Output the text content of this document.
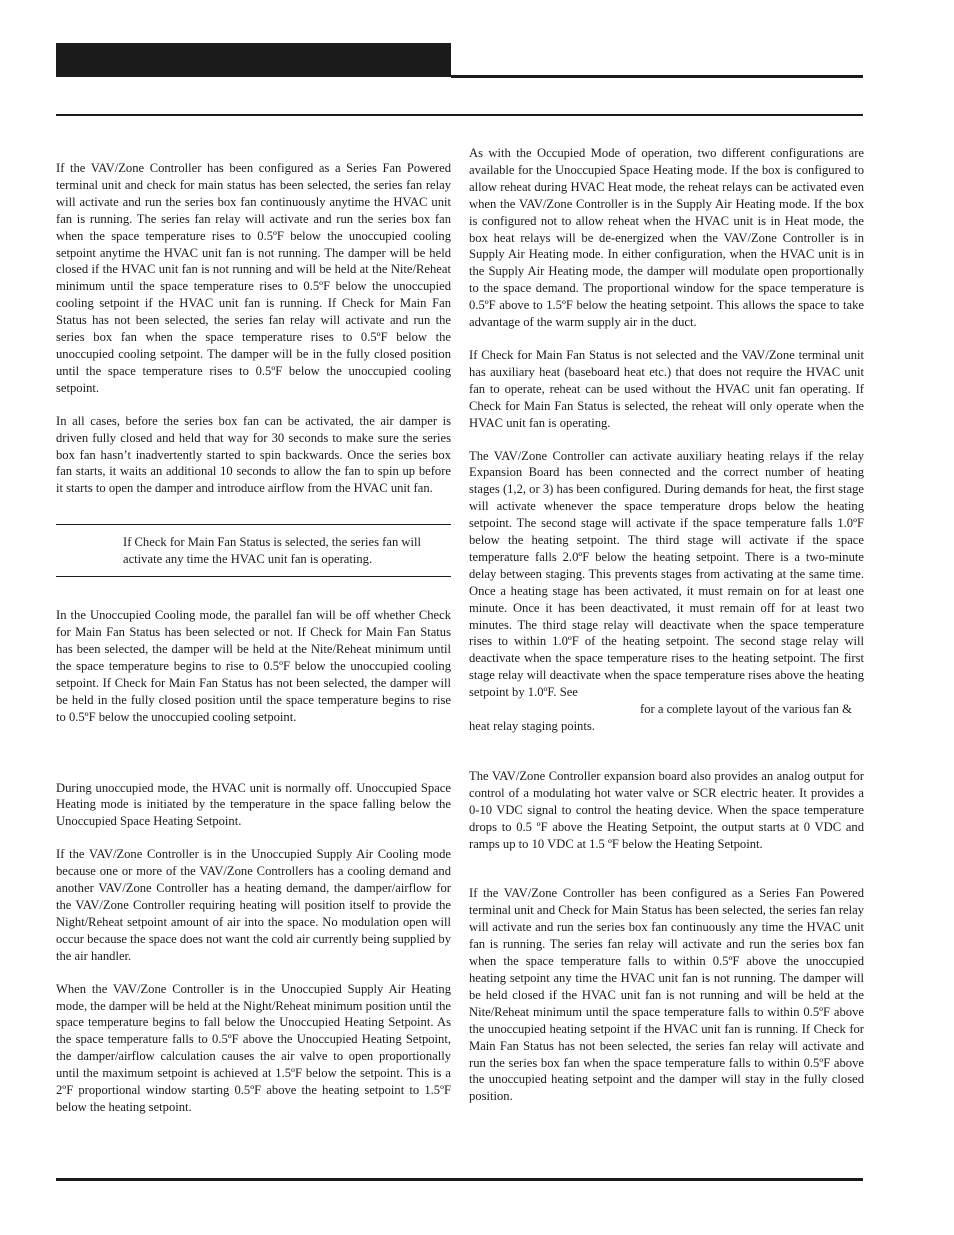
If the VAV/Zone Controller has been configured as a Series Fan Powered terminal unit and check for main status has been selected, the series fan relay will activate and run the series box fan continuously anytime the HVAC unit fan is running. The series fan relay will activate and run the series box fan when the space temperature rises to 0.5ºF below the unoccupied cooling setpoint anytime the HVAC unit fan is not running. The damper will be held closed if the HVAC unit fan is not running and will be held at the Nite/Reheat minimum until the space temperature rises to 0.5ºF below the unoccupied cooling setpoint if the HVAC unit fan is running. If Check for Main Fan Status has not been selected, the series fan relay will activate and run the series box fan when the space temperature rises to 0.5ºF below the unoccupied cooling setpoint. The damper will be in the fully closed position until the space temperature rises to 0.5ºF below the unoccupied cooling setpoint.

In all cases, before the series box fan can be activated, the air damper is driven fully closed and held that way for 30 seconds to make sure the series box fan hasn’t inadvertently started to spin backwards. Once the series box fan starts, it waits an additional 10 seconds to allow the fan to spin up before it starts to open the damper and introduce airflow from the HVAC unit fan.

In the Unoccupied Cooling mode, the parallel fan will be off whether Check for Main Fan Status has been selected or not. If Check for Main Fan Status has been selected, the damper will be held at the Nite/Reheat minimum until the space temperature begins to rise to 0.5ºF below the unoccupied cooling setpoint. If Check for Main Fan Status has not been selected, the damper will be held in the fully closed position until the space temperature begins to rise to 0.5ºF below the unoccupied cooling setpoint.

During unoccupied mode, the HVAC unit is normally off. Unoccupied Space Heating mode is initiated by the temperature in the space falling below the Unoccupied Space Heating Setpoint.

If the VAV/Zone Controller is in the Unoccupied Supply Air Cooling mode because one or more of the VAV/Zone Controllers has a cooling demand and another VAV/Zone Controller has a heating demand, the damper/airflow for the VAV/Zone Controller requiring heating will position itself to provide the Night/Reheat setpoint amount of air into the space. No modulation open will occur because the space does not want the cold air currently being supplied by the air handler.

When the VAV/Zone Controller is in the Unoccupied Supply Air Heating mode, the damper will be held at the Night/Reheat minimum position until the space temperature begins to fall below the Unoccupied Heating Setpoint. As the space temperature falls to 0.5ºF above the Unoccupied Heating Setpoint, the damper/airflow calculation causes the air valve to open proportionally until the maximum setpoint is achieved at 1.5ºF below the setpoint. This is a 2ºF proportional window starting 0.5ºF above the heating setpoint to 1.5ºF below the heating setpoint.

If Check for Main Fan Status is selected, the series fan will activate any time the HVAC unit fan is operating.

As with the Occupied Mode of operation, two different configurations are available for the Unoccupied Space Heating mode. If the box is configured to allow reheat during HVAC Heat mode, the reheat relays can be activated even when the VAV/Zone Controller is in the Supply Air Heating mode. If the box is configured not to allow reheat when the HVAC unit is in Heat mode, the box heat relays will be de-energized when the VAV/Zone Controller is in Supply Air Heating mode. In either configuration, when the HVAC unit is in the Supply Air Heating mode, the damper will modulate open proportionally to the space demand. The proportional window for the space temperature is 0.5ºF above to 1.5ºF below the heating setpoint. This allows the space to take advantage of the warm supply air in the duct.

If Check for Main Fan Status is not selected and the VAV/Zone terminal unit has auxiliary heat (baseboard heat etc.) that does not require the HVAC unit fan to operate, reheat can be used without the HVAC unit fan operating. If Check for Main Fan Status is selected, the reheat will only operate when the HVAC unit fan is operating.

The VAV/Zone Controller can activate auxiliary heating relays if the relay Expansion Board has been connected and the correct number of heating stages (1,2, or 3) has been configured. During demands for heat, the first stage will activate whenever the space temperature drops below the heating setpoint. The second stage will activate if the space temperature falls 1.0ºF below the heating setpoint. The third stage will activate if the space temperature falls 2.0ºF below the heating setpoint. There is a two-minute delay between staging. This prevents stages from activating at the same time. Once a heating stage has been activated, it must remain on for at least one minute. Once it has been deactivated, it must remain off for at least two minutes. The third stage relay will deactivate when the space temperature rises to within 1.0ºF of the heating setpoint. The second stage relay will deactivate when the space temperature rises to the heating setpoint. The first stage relay will deactivate when the space temperature rises above the heating setpoint by 1.0ºF. See

for a complete layout of the various fan & heat relay staging points.

The VAV/Zone Controller expansion board also provides an analog output for control of a modulating hot water valve or SCR electric heater. It provides a 0-10 VDC signal to control the heating device. When the space temperature drops to 0.5 ºF above the Heating Setpoint, the output starts at 0 VDC and ramps up to 10 VDC at 1.5 ºF below the Heating Setpoint.

If the VAV/Zone Controller has been configured as a Series Fan Powered terminal unit and Check for Main Status has been selected, the series fan relay will activate and run the series box fan continuously any time the HVAC unit fan is running. The series fan relay will activate and run the series box fan when the space temperature falls to within 0.5ºF above the unoccupied heating setpoint any time the HVAC unit fan is not running. The damper will be held closed if the HVAC unit fan is not running and will be held at the Nite/Reheat minimum until the space temperature falls to within 0.5ºF above the unoccupied heating setpoint if the HVAC unit fan is running. If Check for Main Fan Status has not been selected, the series fan relay will activate and run the series box fan when the space temperature falls to within 0.5ºF above the unoccupied heating setpoint and the damper will stay in the fully closed position.
